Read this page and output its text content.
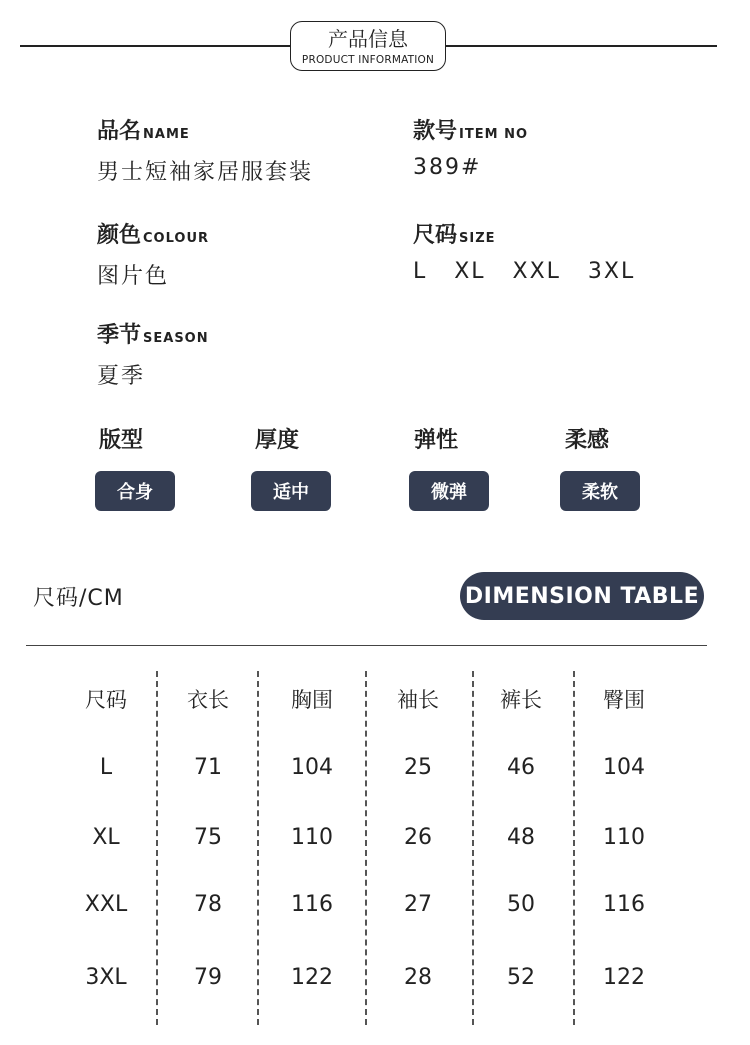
产品信息
PRODUCT INFORMATION
品名 NAME
男士短袖家居服套装
款号 ITEM NO
389#
颜色 COLOUR
图片色
尺码 SIZE
L   XL   XXL   3XL
季节 SEASON
夏季
版型
合身
厚度
适中
弹性
微弹
柔感
柔软
尺码/CM	DIMENSION TABLE
尺码	衣长	胸围	袖长	裤长	臀围
L	71	104	25	46	104
XL	75	110	26	48	110
XXL	78	116	27	50	116
3XL	79	122	28	52	122
